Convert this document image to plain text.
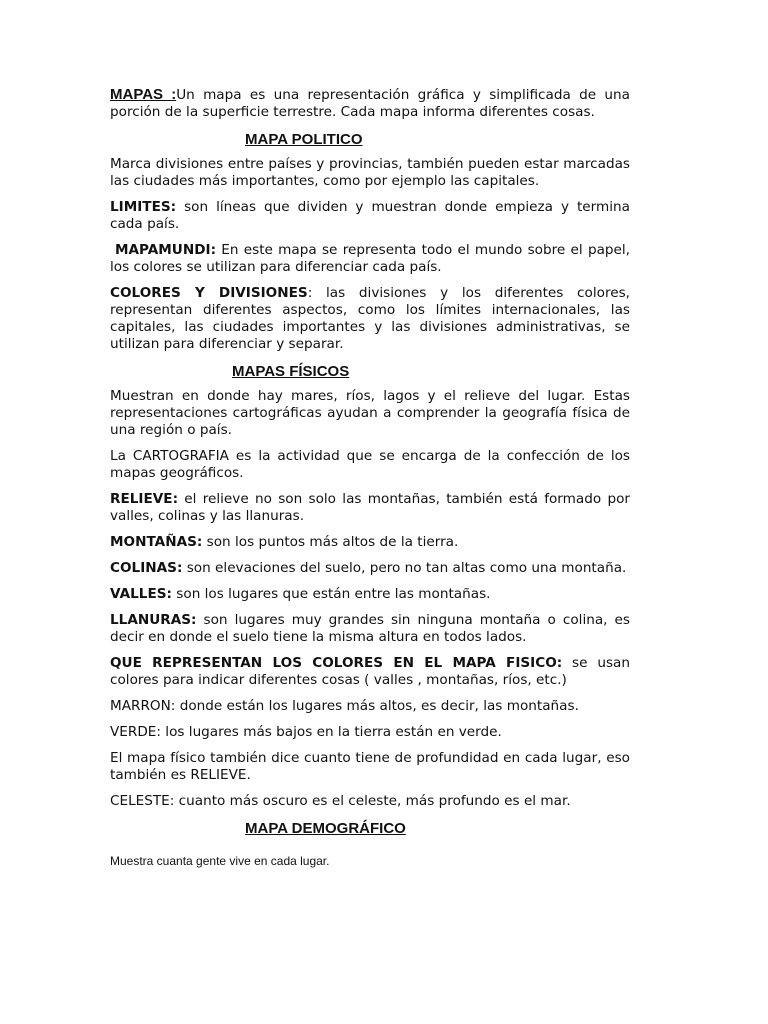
MAPAS :Un mapa es una representación gráfica y simplificada de una porción de la superficie terrestre. Cada mapa informa diferentes cosas.

MAPA POLITICO

Marca divisiones entre países y provincias, también pueden estar marcadas las ciudades más importantes, como por ejemplo las capitales.

LIMITES: son líneas que dividen y muestran donde empieza y termina cada país.

MAPAMUNDI: En este mapa se representa todo el mundo sobre el papel, los colores se utilizan para diferenciar cada país.

COLORES Y DIVISIONES: las divisiones y los diferentes colores, representan diferentes aspectos, como los límites internacionales, las capitales, las ciudades importantes y las divisiones administrativas, se utilizan para diferenciar y separar.

MAPAS FÍSICOS

Muestran en donde hay mares, ríos, lagos y el relieve del lugar. Estas representaciones cartográficas ayudan a comprender la geografía física de una región o país.

La CARTOGRAFIA es la actividad que se encarga de la confección de los mapas geográficos.

RELIEVE: el relieve no son solo las montañas, también está formado por valles, colinas y las llanuras.

MONTAÑAS: son los puntos más altos de la tierra.

COLINAS: son elevaciones del suelo, pero no tan altas como una montaña.

VALLES: son los lugares que están entre las montañas.

LLANURAS: son lugares muy grandes sin ninguna montaña o colina, es decir en donde el suelo tiene la misma altura en todos lados.

QUE REPRESENTAN LOS COLORES EN EL MAPA FISICO: se usan colores para indicar diferentes cosas ( valles , montañas, ríos, etc.)

MARRON: donde están los lugares más altos, es decir, las montañas.

VERDE: los lugares más bajos en la tierra están en verde.

El mapa físico también dice cuanto tiene de profundidad en cada lugar, eso también es RELIEVE.

CELESTE: cuanto más oscuro es el celeste, más profundo es el mar.

MAPA DEMOGRÁFICO

Muestra cuanta gente vive en cada lugar.
